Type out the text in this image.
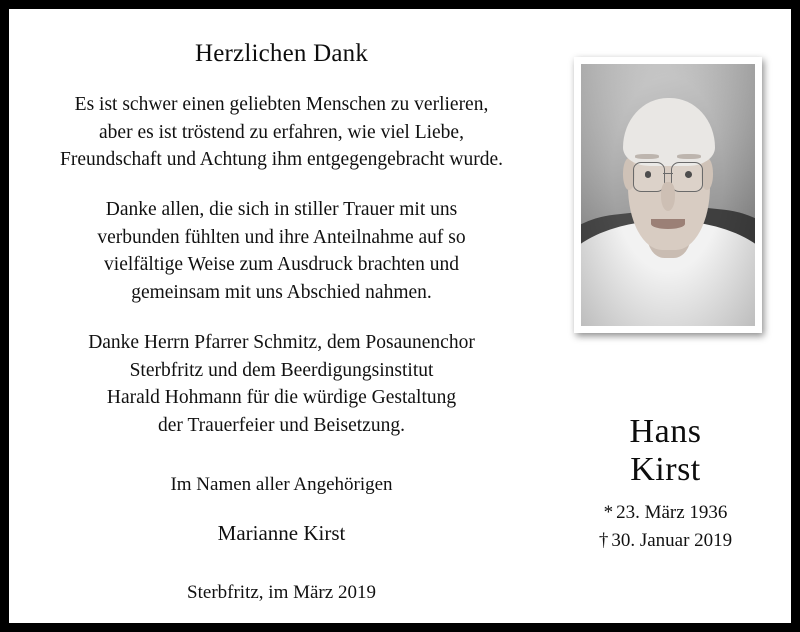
Herzlichen Dank
Es ist schwer einen geliebten Menschen zu verlieren,
aber es ist tröstend zu erfahren, wie viel Liebe,
Freundschaft und Achtung ihm entgegengebracht wurde.
Danke allen, die sich in stiller Trauer mit uns
verbunden fühlten und ihre Anteilnahme auf so
vielfältige Weise zum Ausdruck brachten und
gemeinsam mit uns Abschied nahmen.
Danke Herrn Pfarrer Schmitz, dem Posaunenchor
Sterbfritz und dem Beerdigungsinstitut
Harald Hohmann für die würdige Gestaltung
der Trauerfeier und Beisetzung.
Im Namen aller Angehörigen
Marianne Kirst
Sterbfritz, im März 2019
Hans
Kirst
* 23. März 1936
† 30. Januar 2019
